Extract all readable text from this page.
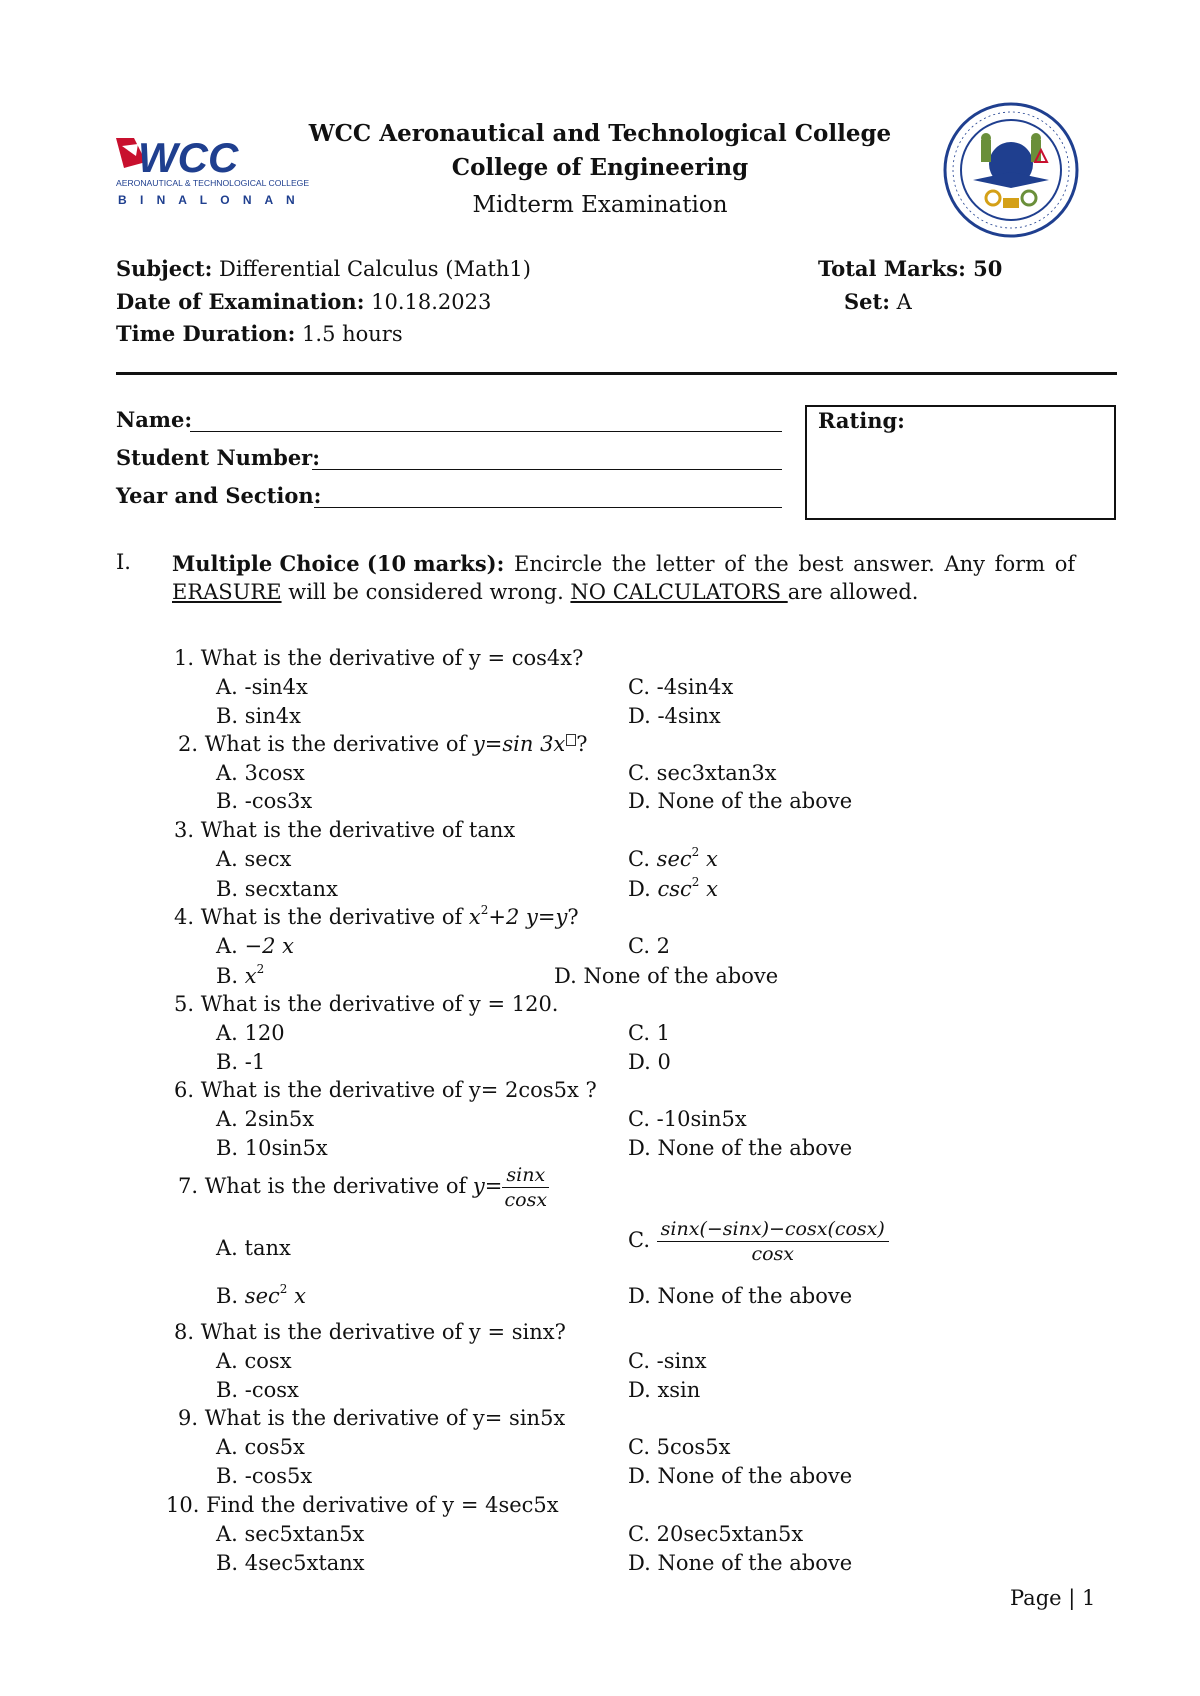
WCC
AERONAUTICAL & TECHNOLOGICAL COLLEGE
B I N A L O N A N
WCC Aeronautical and Technological College
College of Engineering
Midterm Examination
Subject: Differential Calculus (Math1)
Date of Examination: 10.18.2023
Time Duration: 1.5 hours
Total Marks: 50
Set: A
Name:
Student Number:
Year and Section:
Rating:
I. Multiple Choice (10 marks): Encircle the letter of the best answer. Any form of
ERASURE will be considered wrong. NO CALCULATORS are allowed.
1. What is the derivative of y = cos4x?
A. -sin4x
B. sin4x
C. -4sin4x
D. -4sinx
2. What is the derivative of y=sin 3x ?
A. 3cosx
B. -cos3x
C. sec3xtan3x
D. None of the above
3. What is the derivative of tanx
A. secx
B. secxtanx
C. $\sec^2 x$
D. $\csc^2 x$
4. What is the derivative of $x^2+2$ y=y?
A. −2 x
B. $x^2$
C. 2
D. None of the above
5. What is the derivative of y = 120.
A. 120
B. -1
C. 1
D. 0
6. What is the derivative of y= 2cos5x ?
A. 2sin5x
B. 10sin5x
C. -10sin5x
D. None of the above
7. What is the derivative of $y= \frac{\sin x}{\cos x}$
A. tanx
B. $\sec^2 x$
C. $\frac{\sin x(-\sin x)-\cos x(\cos x)}{\cos x}$
D. None of the above
8. What is the derivative of y = sinx?
A. cosx
B. -cosx
C. -sinx
D. xsin
9. What is the derivative of y= sin5x
A. cos5x
B. -cos5x
C. 5cos5x
D. None of the above
10. Find the derivative of y = 4sec5x
A. sec5xtan5x
B. 4sec5xtanx
C. 20sec5xtan5x
D. None of the above
Page | 1
